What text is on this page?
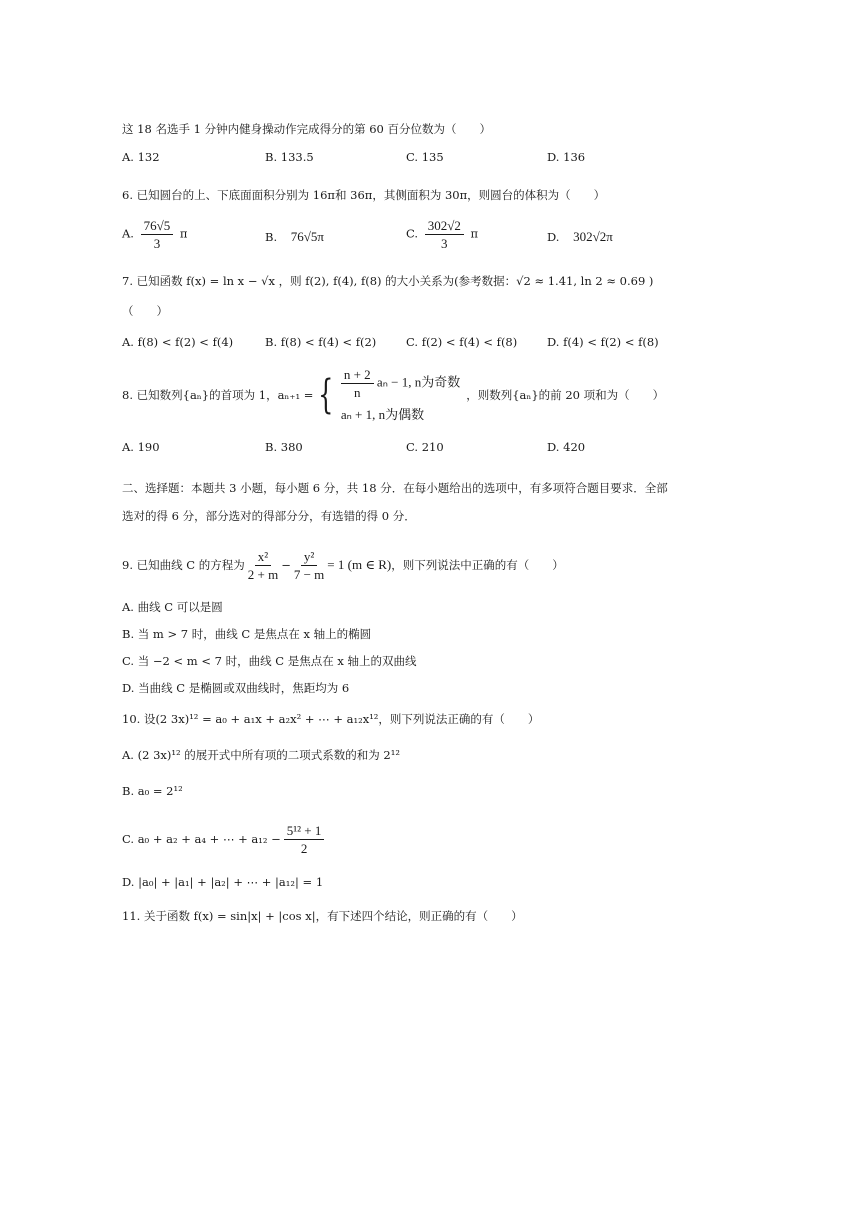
这 18 名选手 1 分钟内健身操动作完成得分的第 60 百分位数为（　　）
A. 132	B. 133.5	C. 135	D. 136
6. 已知圆台的上、下底面面积分别为 16π和 36π，其侧面积为 30π，则圆台的体积为（　　）
A. $\frac{76√5}{3}$ π	B. 76√5π	C. $\frac{302√2}{3}$ π	D. 302√2π
7. 已知函数 f(x) = ln x − √x ，则 f(2), f(4), f(8) 的大小关系为(参考数据：√2 ≈ 1.41, ln 2 ≈ 0.69 )
（　　）
A. f(8) < f(2) < f(4)	B. f(8) < f(4) < f(2)	C. f(2) < f(4) < f(8)	D. f(4) < f(2) < f(8)
8. 已知数列{aₙ}的首项为 1，aₙ₊₁ = { $\frac{n + 2}{n}$ aₙ − 1, n为奇数
aₙ + 1, n为偶数
，则数列{aₙ}的前 20 项和为（　　）
A. 190	B. 380	C. 210	D. 420
二、选择题：本题共 3 小题，每小题 6 分，共 18 分．在每小题给出的选项中，有多项符合题目要求．全部
选对的得 6 分，部分选对的得部分分，有选错的得 0 分．
9. 已知曲线 C 的方程为 $\frac{\text{x²}}{2 + m} - \frac{\text{y²}}{7 - m} = 1$ (m ∈ R) ，则下列说法中正确的有（　　）
A. 曲线 C 可以是圆
B. 当 m > 7 时，曲线 C 是焦点在 x 轴上的椭圆
C. 当 −2 < m < 7 时，曲线 C 是焦点在 x 轴上的双曲线
D. 当曲线 C 是椭圆或双曲线时，焦距均为 6
10. 设(2 3x)¹² = a₀ + a₁x + a₂x² + ⋯ + a₁₂x¹²，则下列说法正确的有（　　）
A. (2 3x)¹² 的展开式中所有项的二项式系数的和为 2¹²
B. a₀ = 2¹²
C. a₀ + a₂ + a₄ + ⋯ + $a_{12} - \frac{\text{5¹² + 1}}{2}$
D. |a₀| + |a₁| + |a₂| + ⋯ + |a₁₂| = 1
11. 关于函数 f(x) = sin|x| + |cos x|，有下述四个结论，则正确的有（　　）
